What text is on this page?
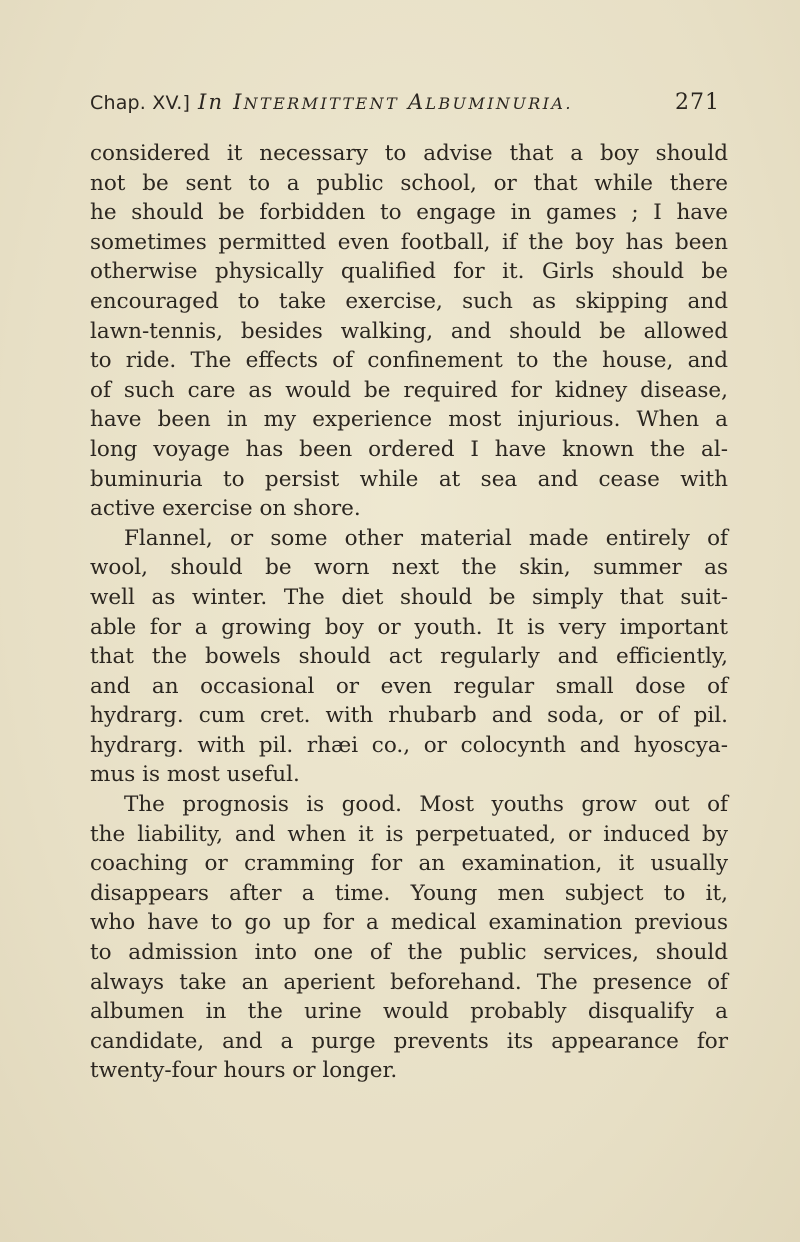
Chap. XV.] In INTERMITTENT ALBUMINURIA.	271
considered it necessary to advise that a boy should
not be sent to a public school, or that while there
he should be forbidden to engage in games ; I have
sometimes permitted even football, if the boy has been
otherwise physically qualified for it. Girls should be
encouraged to take exercise, such as skipping and
lawn-tennis, besides walking, and should be allowed
to ride. The effects of confinement to the house, and
of such care as would be required for kidney disease,
have been in my experience most injurious. When a
long voyage has been ordered I have known the al-
buminuria to persist while at sea and cease with
active exercise on shore.
Flannel, or some other material made entirely of
wool, should be worn next the skin, summer as
well as winter. The diet should be simply that suit-
able for a growing boy or youth. It is very important
that the bowels should act regularly and efficiently,
and an occasional or even regular small dose of
hydrarg. cum cret. with rhubarb and soda, or of pil.
hydrarg. with pil. rhæi co., or colocynth and hyoscya-
mus is most useful.
The prognosis is good. Most youths grow out of
the liability, and when it is perpetuated, or induced by
coaching or cramming for an examination, it usually
disappears after a time. Young men subject to it,
who have to go up for a medical examination previous
to admission into one of the public services, should
always take an aperient beforehand. The presence of
albumen in the urine would probably disqualify a
candidate, and a purge prevents its appearance for
twenty-four hours or longer.
